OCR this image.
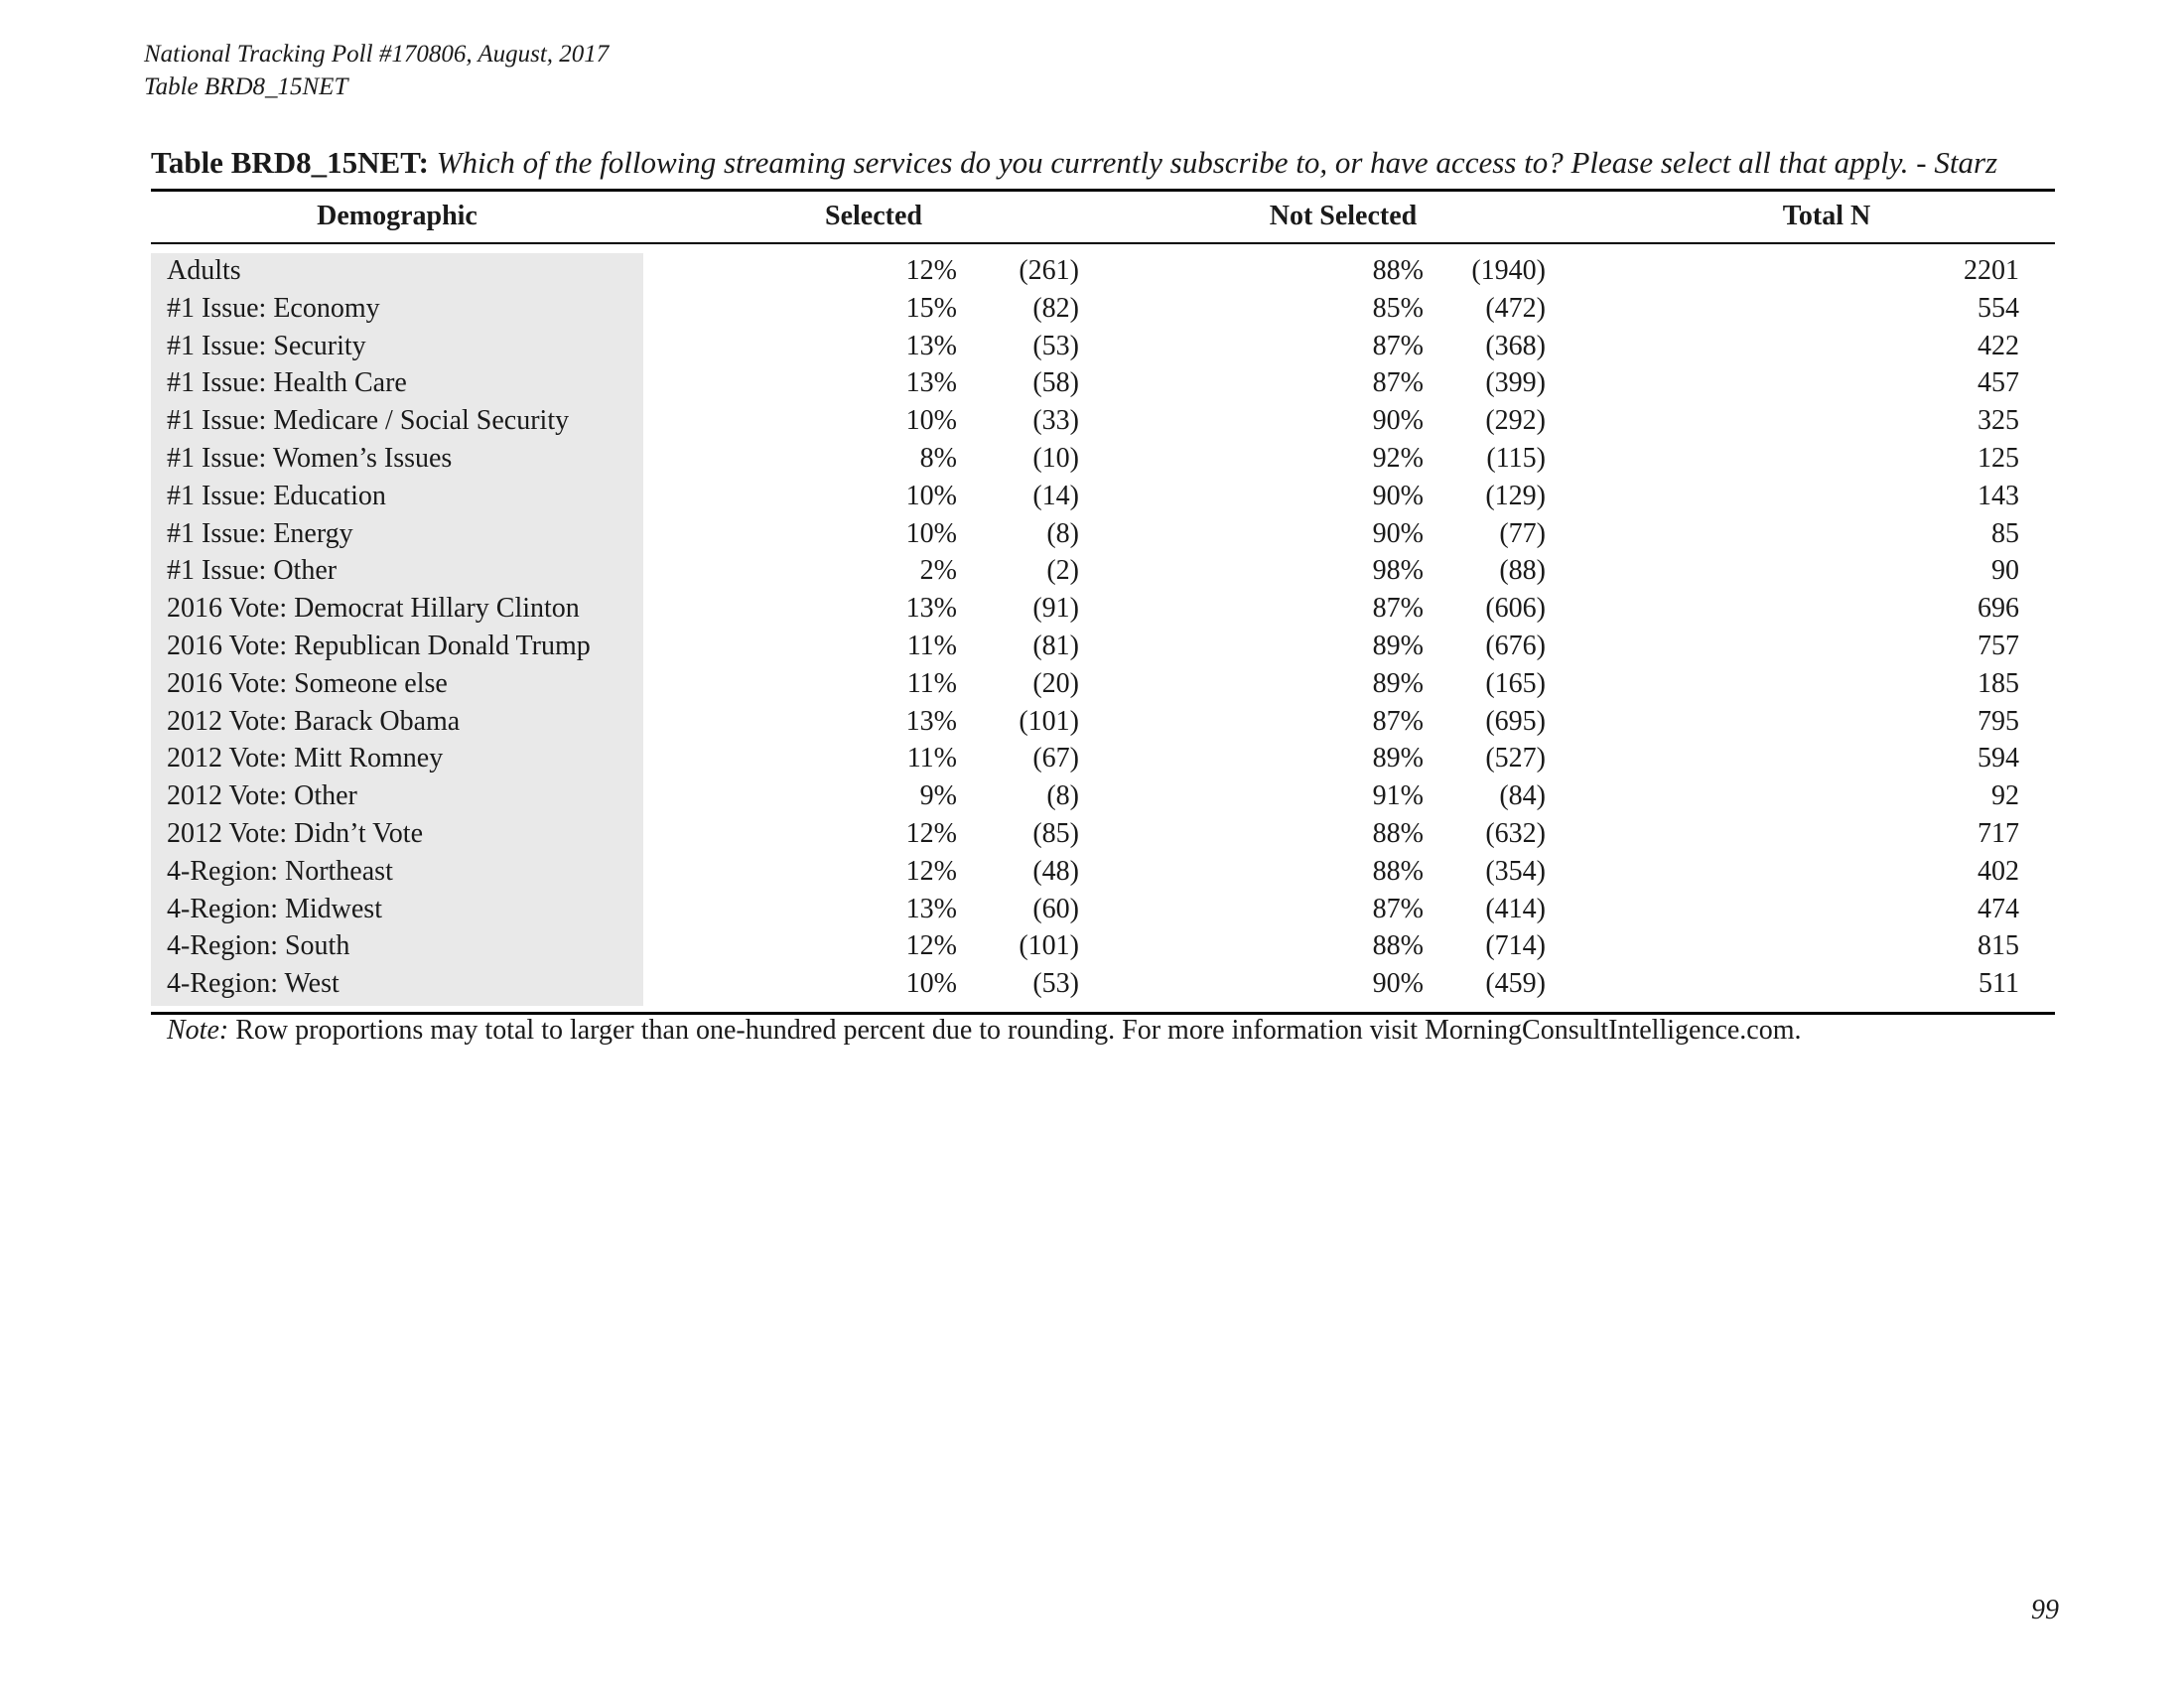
National Tracking Poll #170806, August, 2017
Table BRD8_15NET
Table BRD8_15NET: Which of the following streaming services do you currently subscribe to, or have access to? Please select all that apply. - Starz
Demographic	Selected	Not Selected	Total N
Adults	12% (261)	88% (1940)	2201
#1 Issue: Economy	15%	(82)	85% (472)	554
#1 Issue: Security	13%	(53)	87% (368)	422
#1 Issue: Health Care	13%	(58)	87% (399)	457
#1 Issue: Medicare / Social Security	10%	(33)	90% (292)	325
#1 Issue: Women’s Issues	8%	(10)	92% (115)	125
#1 Issue: Education	10%	(14)	90% (129)	143
#1 Issue: Energy	10%	(8)	90%	(77)	85
#1 Issue: Other	2%	(2)	98%	(88)	90
2016 Vote: Democrat Hillary Clinton	13%	(91)	87% (606)	696
2016 Vote: Republican Donald Trump	11%	(81)	89% (676)	757
2016 Vote: Someone else	11%	(20)	89% (165)	185
2012 Vote: Barack Obama	13% (101)	87% (695)	795
2012 Vote: Mitt Romney	11%	(67)	89% (527)	594
2012 Vote: Other	9%	(8)	91%	(84)	92
2012 Vote: Didn’t Vote	12%	(85)	88% (632)	717
4-Region: Northeast	12%	(48)	88% (354)	402
4-Region: Midwest	13%	(60)	87% (414)	474
4-Region: South	12% (101)	88% (714)	815
4-Region: West	10%	(53)	90% (459)	511
Note: Row proportions may total to larger than one-hundred percent due to rounding. For more information visit MorningConsultIntelligence.com.
99
